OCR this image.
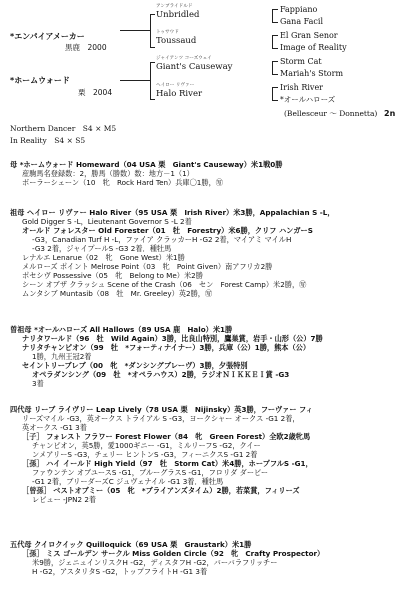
*エンパイアメーカー
黒鹿　 2000
*ホームウォード
栗　 2004
アンブライドルド
Unbridled
トゥサウド
Toussaud
ジャイアンツ コーズウェイ
Giant's Causeway
ヘイロー リヴァー
Halo River
Fappiano
Gana Facil
El Gran Senor
Image of Reality
Storm Cat
Mariah's Storm
Irish River
*オールハローズ
(Bellesceur ～ Donnetta) 2n
Northern Dancer　S4 × M5
In Reality　S4 × S5

母 *ホームウォード Homeward（04 USA 栗　Giant's Causeway）米1戦0勝

産駒馬名登録数：2，勝馬（勝数）数：地方－1（1）

ボーラーシェーン（10　牝　Rock Hard Ten）兵庫〇1勝，㊢

祖母 ヘイロー リヴァー Halo River（95 USA 栗　Irish River）米3勝，Appalachian S -L，

Gold Digger S -L，Lieutenant Governor S -L 2着

オールド フォレスター Old Forester（01　牡　Forestry）米6勝，クリフ ハンガーS

-G3，Canadian Turf H -L，ファイア クラッカーH -G2 2着，マイアミ マイルH

-G3 2着，ジャイプールS -G3 2着．種牡馬

レナルエ Lenarue（02　牝　Gone West）米1勝

メルローズ ポイント Melrose Point（03　牝　Point Given）南アフリカ2勝

ポセシヴ Possessive（05　牝　Belong to Me）米2勝

シーン オブザ クラッシュ Scene of the Crash（06　セン　Forest Camp）米2勝，㊢

ムンタシブ Muntasib（08　牡　Mr. Greeley）英2勝，㊢

曽祖母 *オールハローズ All Hallows（89 USA 鹿　Halo）米1勝

ナリタワールド（96　牡　Wild Again）3勝，比良山特別，鷹巣賞，岩手・山形（公）7勝

ナリタチャンピオン（99　牡　*フォーティナイナー）3勝，兵庫（公）1勝，熊本（公）

1勝，九州王冠2着

セイントリーブレブ（00　牝　*ダンシングブレーヴ）3勝，夕張特別

オペラダンシング（09　牡　*オペラハウス）2勝，ラジオＮＩＫＫＥＩ賞 -G3

3着

四代母 リーブ ライヴリー Leap Lively（78 USA 栗　Nijinsky）英3勝，フーヴァー フィ

リーズマイル -G3，英オークス トライアル S -G3，ヨークシャー オークス -G1 2着，

英オークス -G1 3着

［子］ フォレスト フラワー Forest Flower（84　牝　Green Forest）全欧2歳牝馬

チャンピオン，英5勝，愛1000ギニー -G1，ミルリーフS -G2，クイー

ンメアリーS -G3，チェリー ヒントンS -G3，フィーニクスS -G1 2着

［孫］ ハイ イールド High Yield（97　牡　Storm Cat）米4勝，ホープフルS -G1，

ファウンテン オブユースS -G1，ブルーグラスS -G1，フロリダ ダービー

-G1 2着，ブリーダーズC ジュヴェナイル -G1 3着．種牡馬

［曾孫］ ベストオブミー（05　牝　*ブライアンズタイム）2勝，若菜賞，フィリーズ

レビュー -JPN2 2着

五代母 クイロクイック Quilloquick（69 USA 栗　Graustark）米1勝

［孫］ ミス ゴールデン サークル Miss Golden Circle（92　牝　Crafty Prospector）

米9勝，ジェニュインリスクH -G2，ディスタフH -G2，バーバラフリッチー

H -G2，アスタリタS -G2，トップフライトH -G1 3着
